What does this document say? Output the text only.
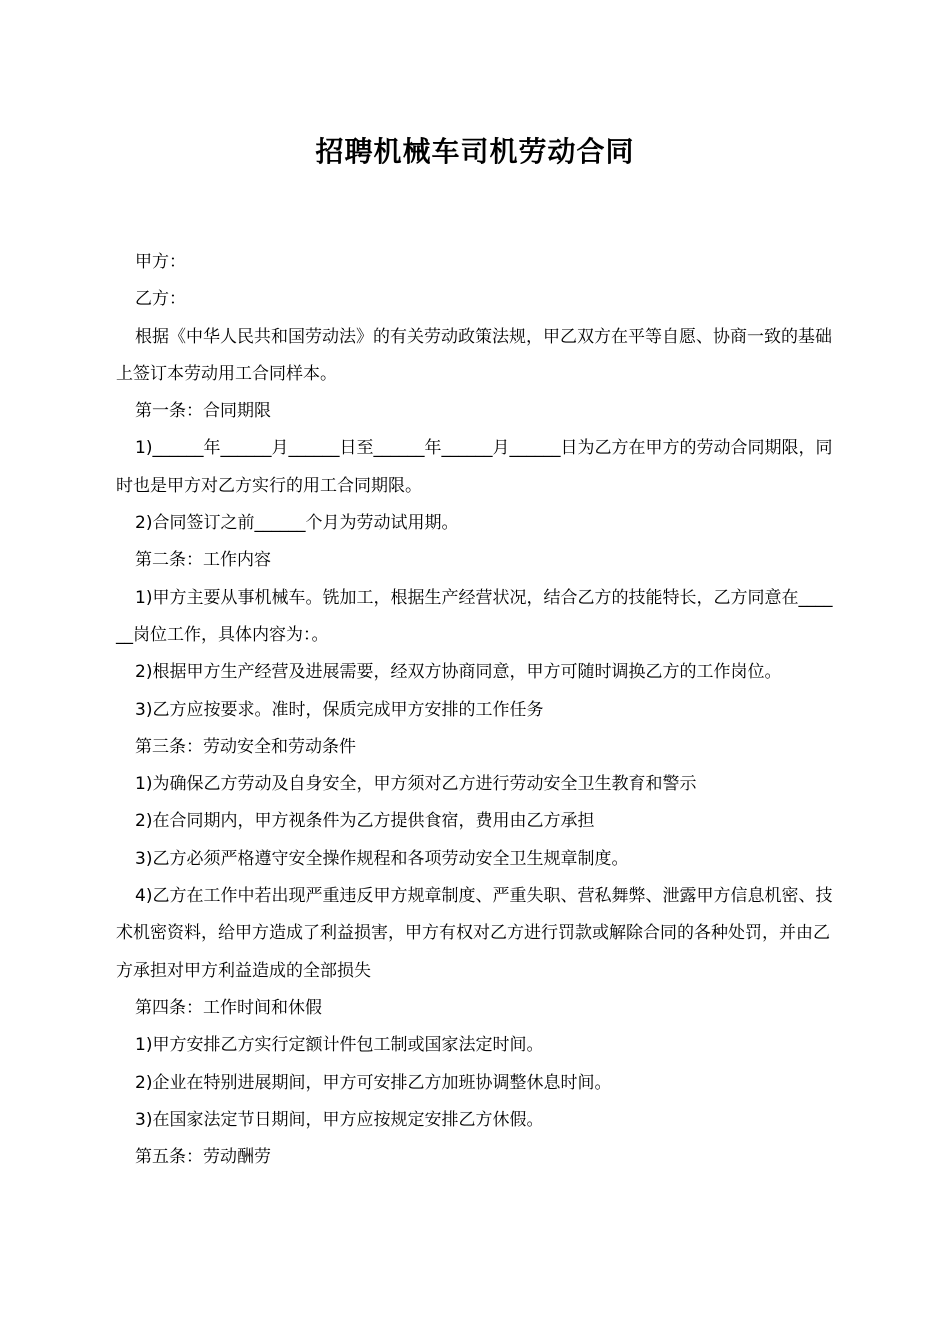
招聘机械车司机劳动合同

甲方：

乙方：

根据《中华人民共和国劳动法》的有关劳动政策法规，甲乙双方在平等自愿、协商一致的基础上签订本劳动用工合同样本。

第一条：合同期限

1)______年______月______日至______年______月______日为乙方在甲方的劳动合同期限，同时也是甲方对乙方实行的用工合同期限。

2)合同签订之前______个月为劳动试用期。

第二条：工作内容

1)甲方主要从事机械车。铣加工，根据生产经营状况，结合乙方的技能特长，乙方同意在______岗位工作，具体内容为：。

2)根据甲方生产经营及进展需要，经双方协商同意，甲方可随时调换乙方的工作岗位。

3)乙方应按要求。准时，保质完成甲方安排的工作任务

第三条：劳动安全和劳动条件

1)为确保乙方劳动及自身安全，甲方须对乙方进行劳动安全卫生教育和警示

2)在合同期内，甲方视条件为乙方提供食宿，费用由乙方承担

3)乙方必须严格遵守安全操作规程和各项劳动安全卫生规章制度。

4)乙方在工作中若出现严重违反甲方规章制度、严重失职、营私舞弊、泄露甲方信息机密、技术机密资料，给甲方造成了利益损害，甲方有权对乙方进行罚款或解除合同的各种处罚，并由乙方承担对甲方利益造成的全部损失

第四条：工作时间和休假

1)甲方安排乙方实行定额计件包工制或国家法定时间。

2)企业在特别进展期间，甲方可安排乙方加班协调整休息时间。

3)在国家法定节日期间，甲方应按规定安排乙方休假。

第五条：劳动酬劳
